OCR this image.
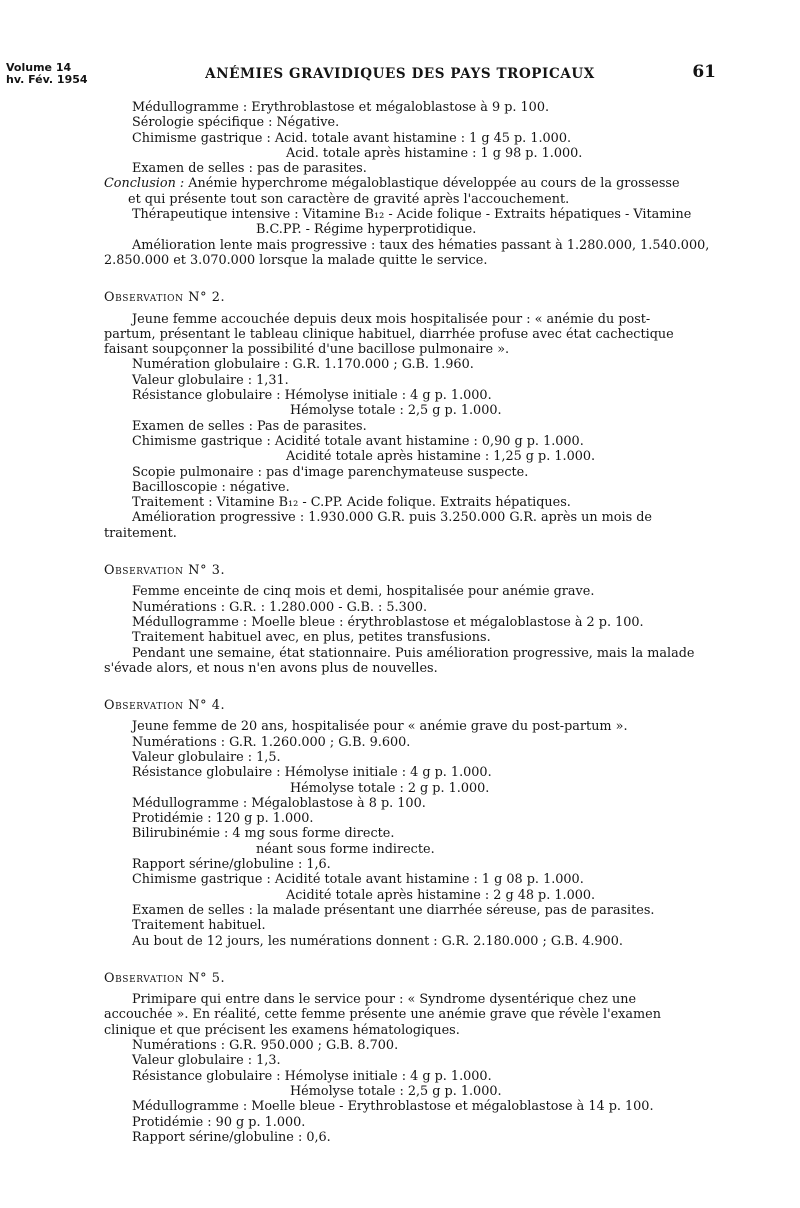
Volume 14
hv. Fév. 1954	ANÉMIES GRAVIDIQUES DES PAYS TROPICAUX	61
Médullogramme : Erythroblastose et mégaloblastose à 9 p. 100.
Sérologie spécifique : Négative.
Chimisme gastrique : Acid. totale avant histamine : 1 g 45 p. 1.000.
Acid. totale après histamine : 1 g 98 p. 1.000.
Examen de selles : pas de parasites.
Conclusion : Anémie hyperchrome mégaloblastique développée au cours de la grossesse
et qui présente tout son caractère de gravité après l'accouchement.
Thérapeutique intensive : Vitamine B₁₂ - Acide folique - Extraits hépatiques - Vitamine
B.C.PP. - Régime hyperprotidique.
Amélioration lente mais progressive : taux des hématies passant à 1.280.000, 1.540.000,
2.850.000 et 3.070.000 lorsque la malade quitte le service.
Observation N° 2.
Jeune femme accouchée depuis deux mois hospitalisée pour : « anémie du post-
partum, présentant le tableau clinique habituel, diarrhée profuse avec état cachectique
faisant soupçonner la possibilité d'une bacillose pulmonaire ».
Numération globulaire : G.R. 1.170.000 ; G.B. 1.960.
Valeur globulaire : 1,31.
Résistance globulaire : Hémolyse initiale : 4 g p. 1.000.
Hémolyse totale : 2,5 g p. 1.000.
Examen de selles : Pas de parasites.
Chimisme gastrique : Acidité totale avant histamine : 0,90 g p. 1.000.
Acidité totale après histamine : 1,25 g p. 1.000.
Scopie pulmonaire : pas d'image parenchymateuse suspecte.
Bacilloscopie : négative.
Traitement : Vitamine B₁₂ - C.PP. Acide folique. Extraits hépatiques.
Amélioration progressive : 1.930.000 G.R. puis 3.250.000 G.R. après un mois de
traitement.
Observation N° 3.
Femme enceinte de cinq mois et demi, hospitalisée pour anémie grave.
Numérations : G.R. : 1.280.000 - G.B. : 5.300.
Médullogramme : Moelle bleue : érythroblastose et mégaloblastose à 2 p. 100.
Traitement habituel avec, en plus, petites transfusions.
Pendant une semaine, état stationnaire. Puis amélioration progressive, mais la malade
s'évade alors, et nous n'en avons plus de nouvelles.
Observation N° 4.
Jeune femme de 20 ans, hospitalisée pour « anémie grave du post-partum ».
Numérations : G.R. 1.260.000 ; G.B. 9.600.
Valeur globulaire : 1,5.
Résistance globulaire : Hémolyse initiale : 4 g p. 1.000.
Hémolyse totale : 2 g p. 1.000.
Médullogramme : Mégaloblastose à 8 p. 100.
Protidémie : 120 g p. 1.000.
Bilirubinémie : 4 mg sous forme directe.
néant sous forme indirecte.
Rapport sérine/globuline : 1,6.
Chimisme gastrique : Acidité totale avant histamine : 1 g 08 p. 1.000.
Acidité totale après histamine : 2 g 48 p. 1.000.
Examen de selles : la malade présentant une diarrhée séreuse, pas de parasites.
Traitement habituel.
Au bout de 12 jours, les numérations donnent : G.R. 2.180.000 ; G.B. 4.900.
Observation N° 5.
Primipare qui entre dans le service pour : « Syndrome dysentérique chez une
accouchée ». En réalité, cette femme présente une anémie grave que révèle l'examen
clinique et que précisent les examens hématologiques.
Numérations : G.R. 950.000 ; G.B. 8.700.
Valeur globulaire : 1,3.
Résistance globulaire : Hémolyse initiale : 4 g p. 1.000.
Hémolyse totale : 2,5 g p. 1.000.
Médullogramme : Moelle bleue - Erythroblastose et mégaloblastose à 14 p. 100.
Protidémie : 90 g p. 1.000.
Rapport sérine/globuline : 0,6.
